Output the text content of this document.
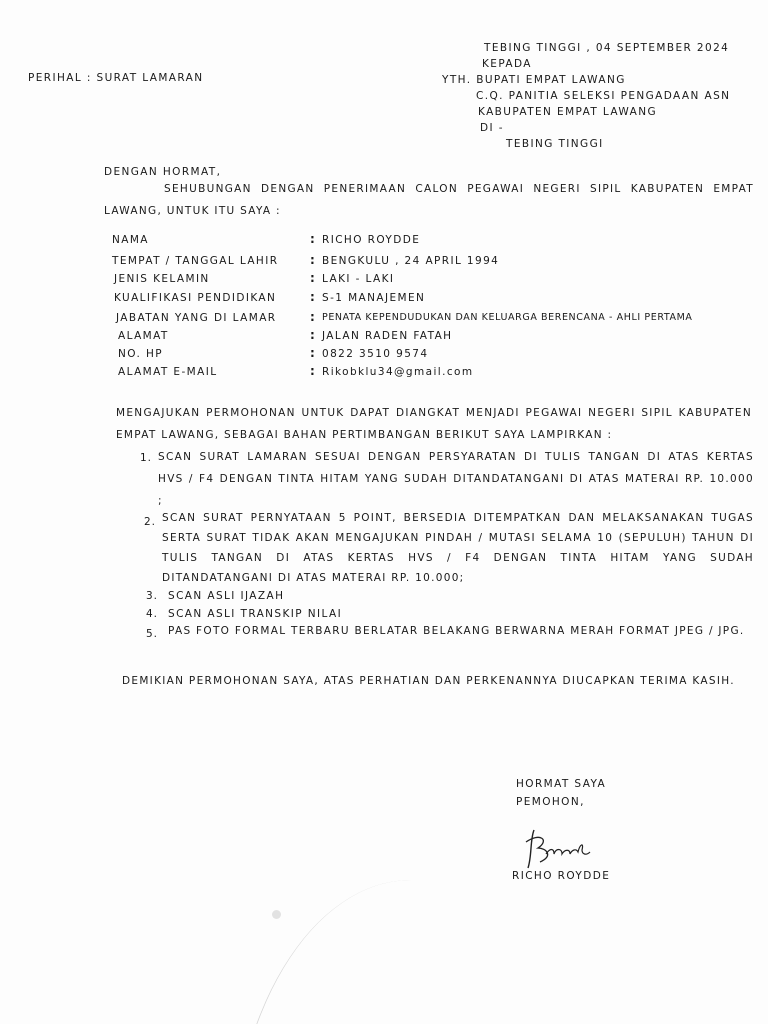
TEBING TINGGI , 04 SEPTEMBER 2024
KEPADA
PERIHAL : SURAT LAMARAN	YTH. BUPATI EMPAT LAWANG
C.Q. PANITIA SELEKSI PENGADAAN ASN
KABUPATEN EMPAT LAWANG
DI -
TEBING TINGGI
DENGAN HORMAT,
SEHUBUNGAN DENGAN PENERIMAAN CALON PEGAWAI NEGERI SIPIL KABUPATEN EMPAT LAWANG, UNTUK ITU SAYA :
NAMA	: RICHO ROYDDE
TEMPAT / TANGGAL LAHIR	: BENGKULU , 24 APRIL 1994
JENIS KELAMIN	: LAKI - LAKI
KUALIFIKASI PENDIDIKAN	: S-1 MANAJEMEN
JABATAN YANG DI LAMAR	: PENATA KEPENDUDUKAN DAN KELUARGA BERENCANA - AHLI PERTAMA
ALAMAT	: JALAN RADEN FATAH
NO. HP	: 0822 3510 9574
ALAMAT E-MAIL	: Rikobklu34@gmail.com
MENGAJUKAN PERMOHONAN UNTUK DAPAT DIANGKAT MENJADI PEGAWAI NEGERI SIPIL KABUPATEN EMPAT LAWANG, SEBAGAI BAHAN PERTIMBANGAN BERIKUT SAYA LAMPIRKAN :
1. SCAN SURAT LAMARAN SESUAI DENGAN PERSYARATAN DI TULIS TANGAN DI ATAS KERTAS HVS / F4 DENGAN TINTA HITAM YANG SUDAH DITANDATANGANI DI ATAS MATERAI RP. 10.000 ;
2. SCAN SURAT PERNYATAAN 5 POINT, BERSEDIA DITEMPATKAN DAN MELAKSANAKAN TUGAS SERTA SURAT TIDAK AKAN MENGAJUKAN PINDAH / MUTASI SELAMA 10 (SEPULUH) TAHUN DI TULIS TANGAN DI ATAS KERTAS HVS / F4 DENGAN TINTA HITAM YANG SUDAH DITANDATANGANI DI ATAS MATERAI RP. 10.000;
3. SCAN ASLI IJAZAH
4. SCAN ASLI TRANSKIP NILAI
5. PAS FOTO FORMAL TERBARU BERLATAR BELAKANG BERWARNA MERAH FORMAT JPEG / JPG.
DEMIKIAN PERMOHONAN SAYA, ATAS PERHATIAN DAN PERKENANNYA DIUCAPKAN TERIMA KASIH.
HORMAT SAYA
PEMOHON,
RICHO ROYDDE
